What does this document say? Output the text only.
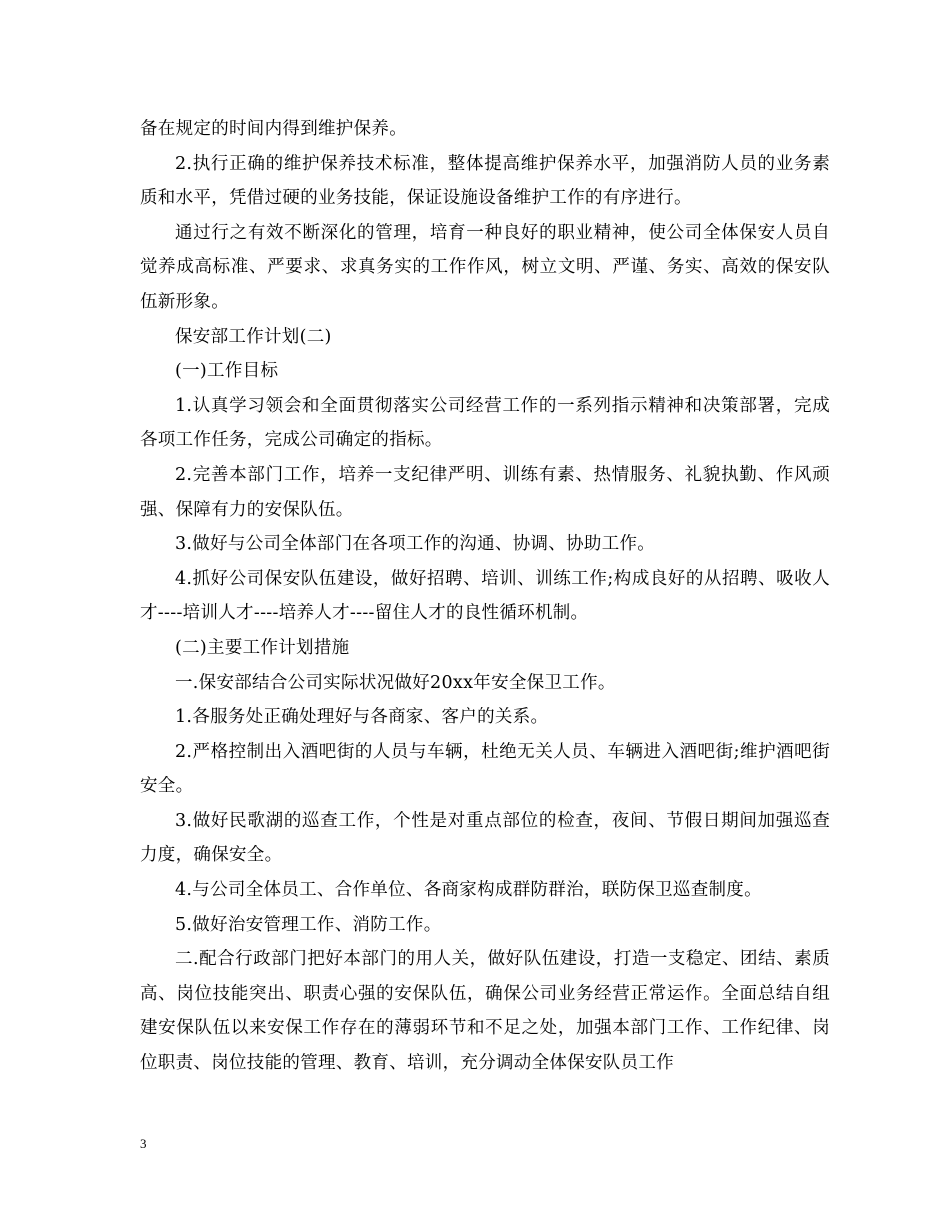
备在规定的时间内得到维护保养。

2.执行正确的维护保养技术标准，整体提高维护保养水平，加强消防人员的业务素质和水平，凭借过硬的业务技能，保证设施设备维护工作的有序进行。

通过行之有效不断深化的管理，培育一种良好的职业精神，使公司全体保安人员自觉养成高标准、严要求、求真务实的工作作风，树立文明、严谨、务实、高效的保安队伍新形象。

保安部工作计划(二)

(一)工作目标

1.认真学习领会和全面贯彻落实公司经营工作的一系列指示精神和决策部署，完成各项工作任务，完成公司确定的指标。

2.完善本部门工作，培养一支纪律严明、训练有素、热情服务、礼貌执勤、作风顽强、保障有力的安保队伍。

3.做好与公司全体部门在各项工作的沟通、协调、协助工作。

4.抓好公司保安队伍建设，做好招聘、培训、训练工作;构成良好的从招聘、吸收人才----培训人才----培养人才----留住人才的良性循环机制。

(二)主要工作计划措施

一.保安部结合公司实际状况做好20xx年安全保卫工作。

1.各服务处正确处理好与各商家、客户的关系。

2.严格控制出入酒吧街的人员与车辆，杜绝无关人员、车辆进入酒吧街;维护酒吧街安全。

3.做好民歌湖的巡查工作，个性是对重点部位的检查，夜间、节假日期间加强巡查力度，确保安全。

4.与公司全体员工、合作单位、各商家构成群防群治，联防保卫巡查制度。

5.做好治安管理工作、消防工作。

二.配合行政部门把好本部门的用人关，做好队伍建设，打造一支稳定、团结、素质高、岗位技能突出、职责心强的安保队伍，确保公司业务经营正常运作。全面总结自组建安保队伍以来安保工作存在的薄弱环节和不足之处，加强本部门工作、工作纪律、岗位职责、岗位技能的管理、教育、培训，充分调动全体保安队员工作

3
